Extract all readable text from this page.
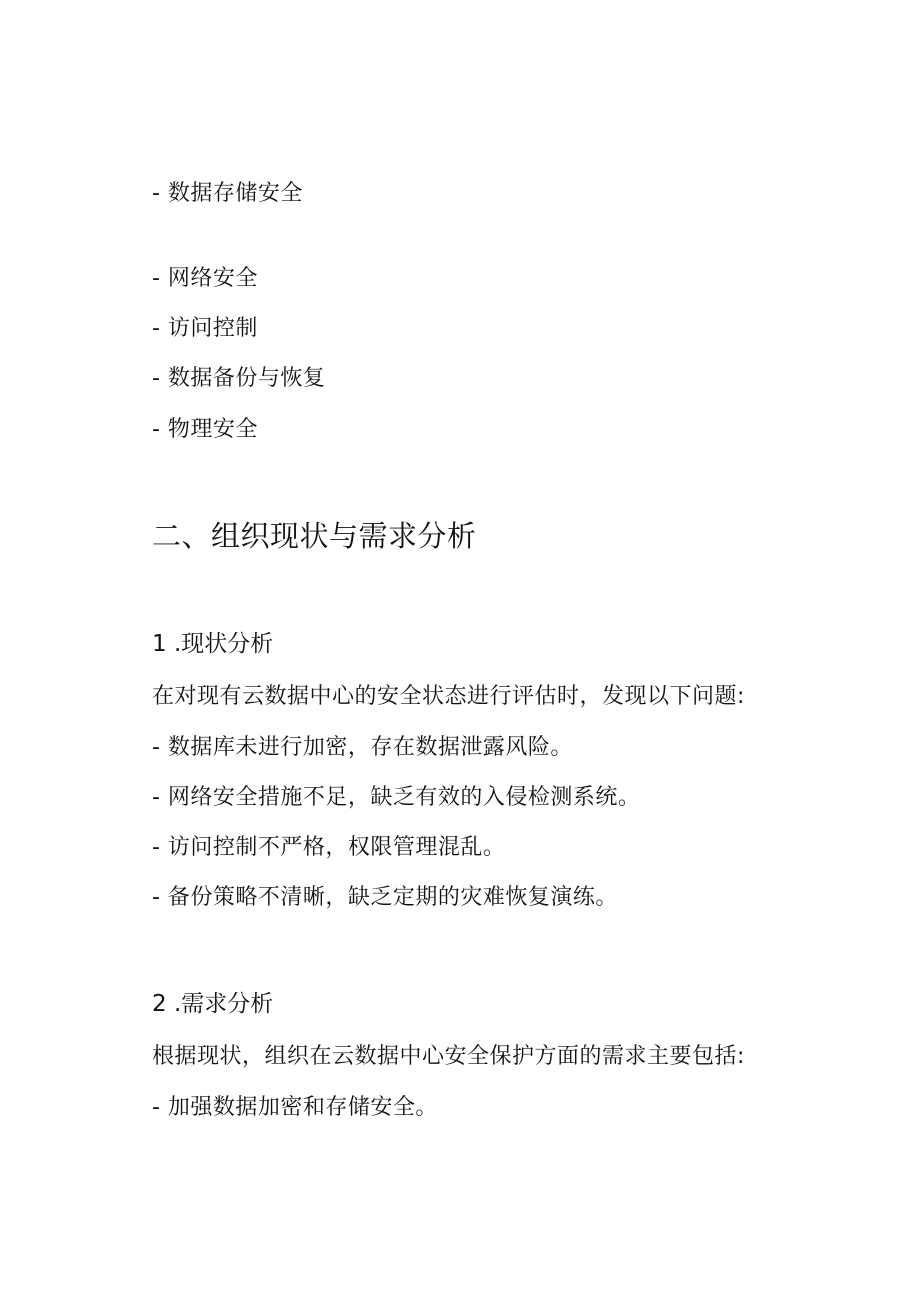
- 数据存储安全
- 网络安全
- 访问控制
- 数据备份与恢复
- 物理安全
二、组织现状与需求分析
1 .现状分析
在对现有云数据中心的安全状态进行评估时，发现以下问题:
- 数据库未进行加密，存在数据泄露风险。
- 网络安全措施不足，缺乏有效的入侵检测系统。
- 访问控制不严格，权限管理混乱。
- 备份策略不清晰，缺乏定期的灾难恢复演练。
2 .需求分析
根据现状，组织在云数据中心安全保护方面的需求主要包括:
- 加强数据加密和存储安全。
